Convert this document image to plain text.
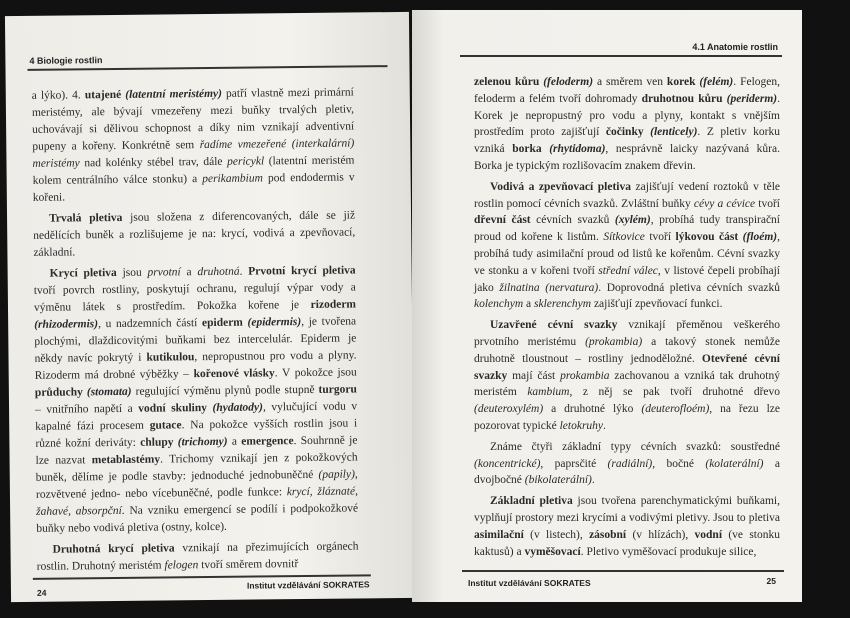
4 Biologie rostlin

a lýko). 4. utajené (latentní meristémy) patří vlastně mezi primární meristémy, ale bývají vmezeřeny mezi buňky trvalých pletiv, uchovávají si dělivou schopnost a díky nim vznikají adventivní pupeny a kořeny. Konkrétně sem řadíme vmezeřené (interkalární) meristémy nad kolénky stébel trav, dále pericykl (latentní meristém kolem centrálního válce stonku) a perikambium pod endodermis v kořeni.

Trvalá pletiva jsou složena z diferencovaných, dále se již nedělících buněk a rozlišujeme je na: krycí, vodivá a zpevňovací, základní.

Krycí pletiva jsou prvotní a druhotná. Prvotní krycí pletiva tvoří povrch rostliny, poskytují ochranu, regulují výpar vody a výměnu látek s prostředím. Pokožka kořene je rizoderm (rhizodermis), u nadzemních částí epiderm (epidermis), je tvořena plochými, dlaždicovitými buňkami bez intercelulár. Epiderm je někdy navíc pokrytý i kutikulou, nepropustnou pro vodu a plyny. Rizoderm má drobné výběžky – kořenové vlásky. V pokožce jsou průduchy (stomata) regulující výměnu plynů podle stupně turgoru – vnitřního napětí a vodní skuliny (hydatody), vylučující vodu v kapalné fázi procesem gutace. Na pokožce vyšších rostlin jsou i různé kožní deriváty: chlupy (trichomy) a emergence. Souhrnně je lze nazvat metablastémy. Trichomy vznikají jen z pokožkových buněk, dělíme je podle stavby: jednoduché jednobuněčné (papily), rozvětvené jedno- nebo vícebuněčné, podle funkce: krycí, žláznaté, žahavé, absorpční. Na vzniku emergencí se podílí i podpokožkové buňky nebo vodivá pletiva (ostny, kolce).

Druhotná krycí pletiva vznikají na přezimujících orgánech rostlin. Druhotný meristém felogen tvoří směrem dovnitř

24
Institut vzdělávání SOKRATES
4.1 Anatomie rostlin

zelenou kůru (feloderm) a směrem ven korek (felém). Felogen, feloderm a felém tvoří dohromady druhotnou kůru (periderm). Korek je nepropustný pro vodu a plyny, kontakt s vnějším prostředím proto zajišťují čočinky (lenticely). Z pletiv korku vzniká borka (rhytidoma), nesprávně laicky nazývaná kůra. Borka je typickým rozlišovacím znakem dřevin.

Vodivá a zpevňovací pletiva zajišťují vedení roztoků v těle rostlin pomocí cévních svazků. Zvláštní buňky cévy a cévice tvoří dřevní část cévních svazků (xylém), probíhá tudy transpirační proud od kořene k listům. Sítkovice tvoří lýkovou část (floém), probíhá tudy asimilační proud od listů ke kořenům. Cévní svazky ve stonku a v kořeni tvoří střední válec, v listové čepeli probíhají jako žilnatina (nervatura). Doprovodná pletiva cévních svazků kolenchym a sklerenchym zajišťují zpevňovací funkci.

Uzavřené cévní svazky vznikají přeměnou veškerého prvotního meristému (prokambia) a takový stonek nemůže druhotně tloustnout – rostliny jednoděložné. Otevřené cévní svazky mají část prokambia zachovanou a vzniká tak druhotný meristém kambium, z něj se pak tvoří druhotné dřevo (deuteroxylém) a druhotné lýko (deuterofloém), na řezu lze pozorovat typické letokruhy.

Známe čtyři základní typy cévních svazků: soustředné (koncentrické), paprsčité (radiální), bočné (kolaterální) a dvojbočné (bikolaterální).

Základní pletiva jsou tvořena parenchymatickými buňkami, vyplňují prostory mezi krycími a vodivými pletivy. Jsou to pletiva asimilační (v listech), zásobní (v hlízách), vodní (ve stonku kaktusů) a vyměšovací. Pletivo vyměšovací produkuje silice,

Institut vzdělávání SOKRATES	25
